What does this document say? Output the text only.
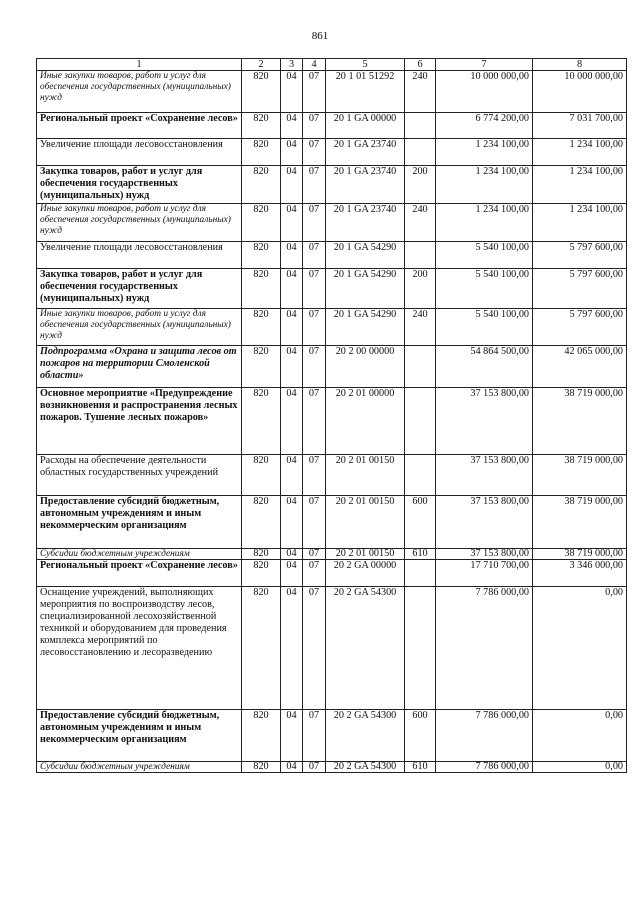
861
1	2	3	4	5	6	7	8
Иные закупки товаров, работ и услуг для обеспечения государственных (муниципальных) нужд	820	04	07	20 1 01 51292	240	10 000 000,00	10 000 000,00
Региональный проект «Сохранение лесов»	820	04	07	20 1 GA 00000		6 774 200,00	7 031 700,00
Увеличение площади лесовосстановления	820	04	07	20 1 GA 23740		1 234 100,00	1 234 100,00
Закупка товаров, работ и услуг для обеспечения государственных (муниципальных) нужд	820	04	07	20 1 GA 23740	200	1 234 100,00	1 234 100,00
Иные закупки товаров, работ и услуг для обеспечения государственных (муниципальных) нужд	820	04	07	20 1 GA 23740	240	1 234 100,00	1 234 100,00
Увеличение площади лесовосстановления	820	04	07	20 1 GA 54290		5 540 100,00	5 797 600,00
Закупка товаров, работ и услуг для обеспечения государственных (муниципальных) нужд	820	04	07	20 1 GA 54290	200	5 540 100,00	5 797 600,00
Иные закупки товаров, работ и услуг для обеспечения государственных (муниципальных) нужд	820	04	07	20 1 GA 54290	240	5 540 100,00	5 797 600,00
Подпрограмма «Охрана и защита лесов от пожаров на территории Смоленской области»	820	04	07	20 2 00 00000		54 864 500,00	42 065 000,00
Основное мероприятие «Предупреждение возникновения и распространения лесных пожаров. Тушение лесных пожаров»	820	04	07	20 2 01 00000		37 153 800,00	38 719 000,00
Расходы на обеспечение деятельности областных государственных учреждений	820	04	07	20 2 01 00150		37 153 800,00	38 719 000,00
Предоставление субсидий бюджетным, автономным учреждениям и иным некоммерческим организациям	820	04	07	20 2 01 00150	600	37 153 800,00	38 719 000,00
Субсидии бюджетным учреждениям	820	04	07	20 2 01 00150	610	37 153 800,00	38 719 000,00
Региональный проект «Сохранение лесов»	820	04	07	20 2 GA 00000		17 710 700,00	3 346 000,00
Оснащение учреждений, выполняющих мероприятия по воспроизводству лесов, специализированной лесохозяйственной техникой и оборудованием для проведения комплекса мероприятий по лесовосстановлению и лесоразведению	820	04	07	20 2 GA 54300		7 786 000,00	0,00
Предоставление субсидий бюджетным, автономным учреждениям и иным некоммерческим организациям	820	04	07	20 2 GA 54300	600	7 786 000,00	0,00
Субсидии бюджетным учреждениям	820	04	07	20 2 GA 54300	610	7 786 000,00	0,00
